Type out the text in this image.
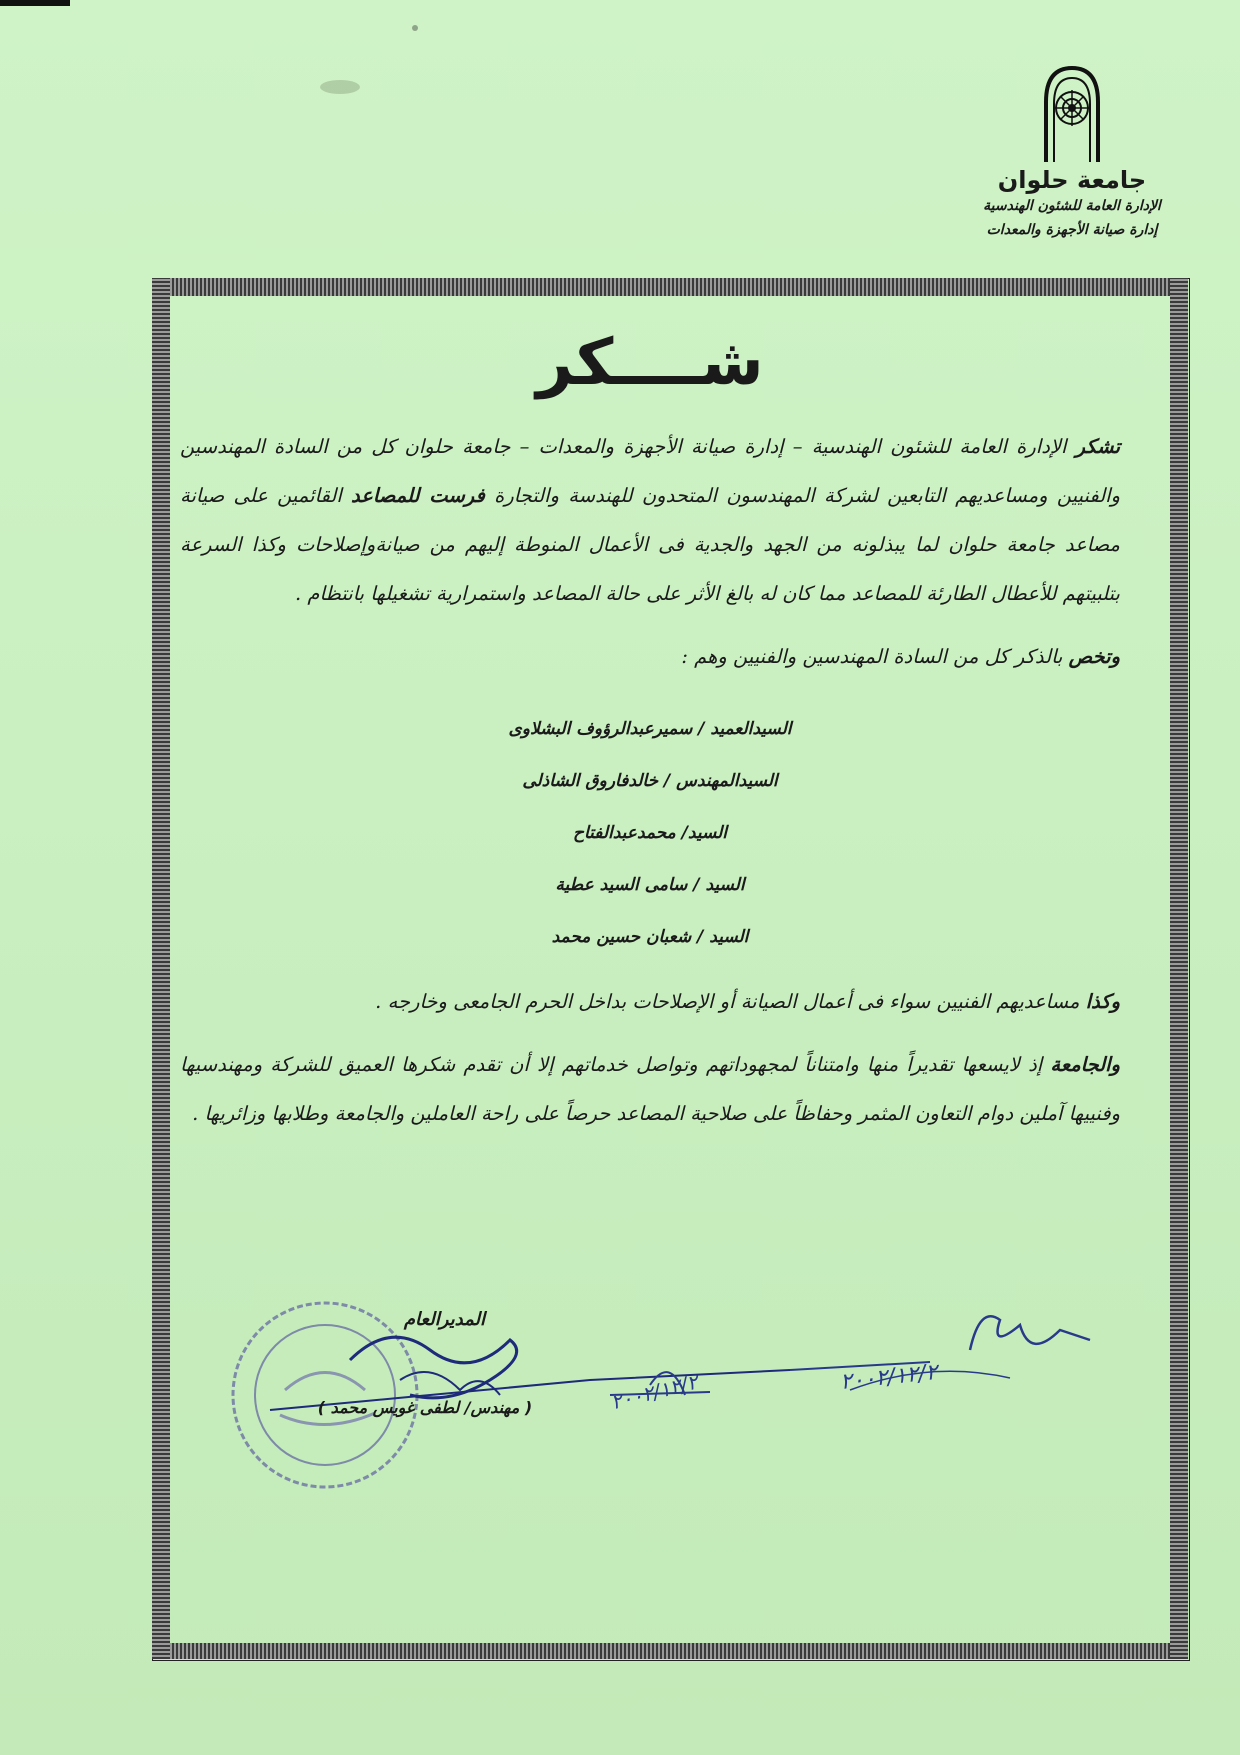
جامعة حلوان
الإدارة العامة للشئون الهندسية
إدارة صيانة الأجهزة والمعدات
شــــكر

تشكر الإدارة العامة للشئون الهندسية – إدارة صيانة الأجهزة والمعدات – جامعة حلوان كل من السادة المهندسين والفنيين ومساعديهم التابعين لشركة المهندسون المتحدون للهندسة والتجارة فرست للمصاعد القائمين على صيانة مصاعد جامعة حلوان لما يبذلونه من الجهد والجدية فى الأعمال المنوطة إليهم من صيانةوإصلاحات وكذا السرعة بتلبيتهم للأعطال الطارئة للمصاعد مما كان له بالغ الأثر على حالة المصاعد واستمرارية تشغيلها بانتظام .

وتخص بالذكر كل من السادة المهندسين والفنيين وهم :

السيدالعميد / سميرعبدالرؤوف البشلاوى
السيدالمهندس / خالدفاروق الشاذلى
السيد/ محمدعبدالفتاح
السيد / سامى السيد عطية
السيد / شعبان حسين محمد

وكذا مساعديهم الفنيين سواء فى أعمال الصيانة أو الإصلاحات بداخل الحرم الجامعى وخارجه .

والجامعة إذ لايسعها تقديراً منها وامتناناً لمجهوداتهم وتواصل خدماتهم إلا أن تقدم شكرها العميق للشركة ومهندسيها وفنييها آملين دوام التعاون المثمر وحفاظاً على صلاحية المصاعد حرصاً على راحة العاملين والجامعة وطلابها وزائريها .

المديرالعام
( مهندس/ لطفى غويس محمد )
٢٠٠٢/١٢/٢
٢٠٠٢/١٢/٢
